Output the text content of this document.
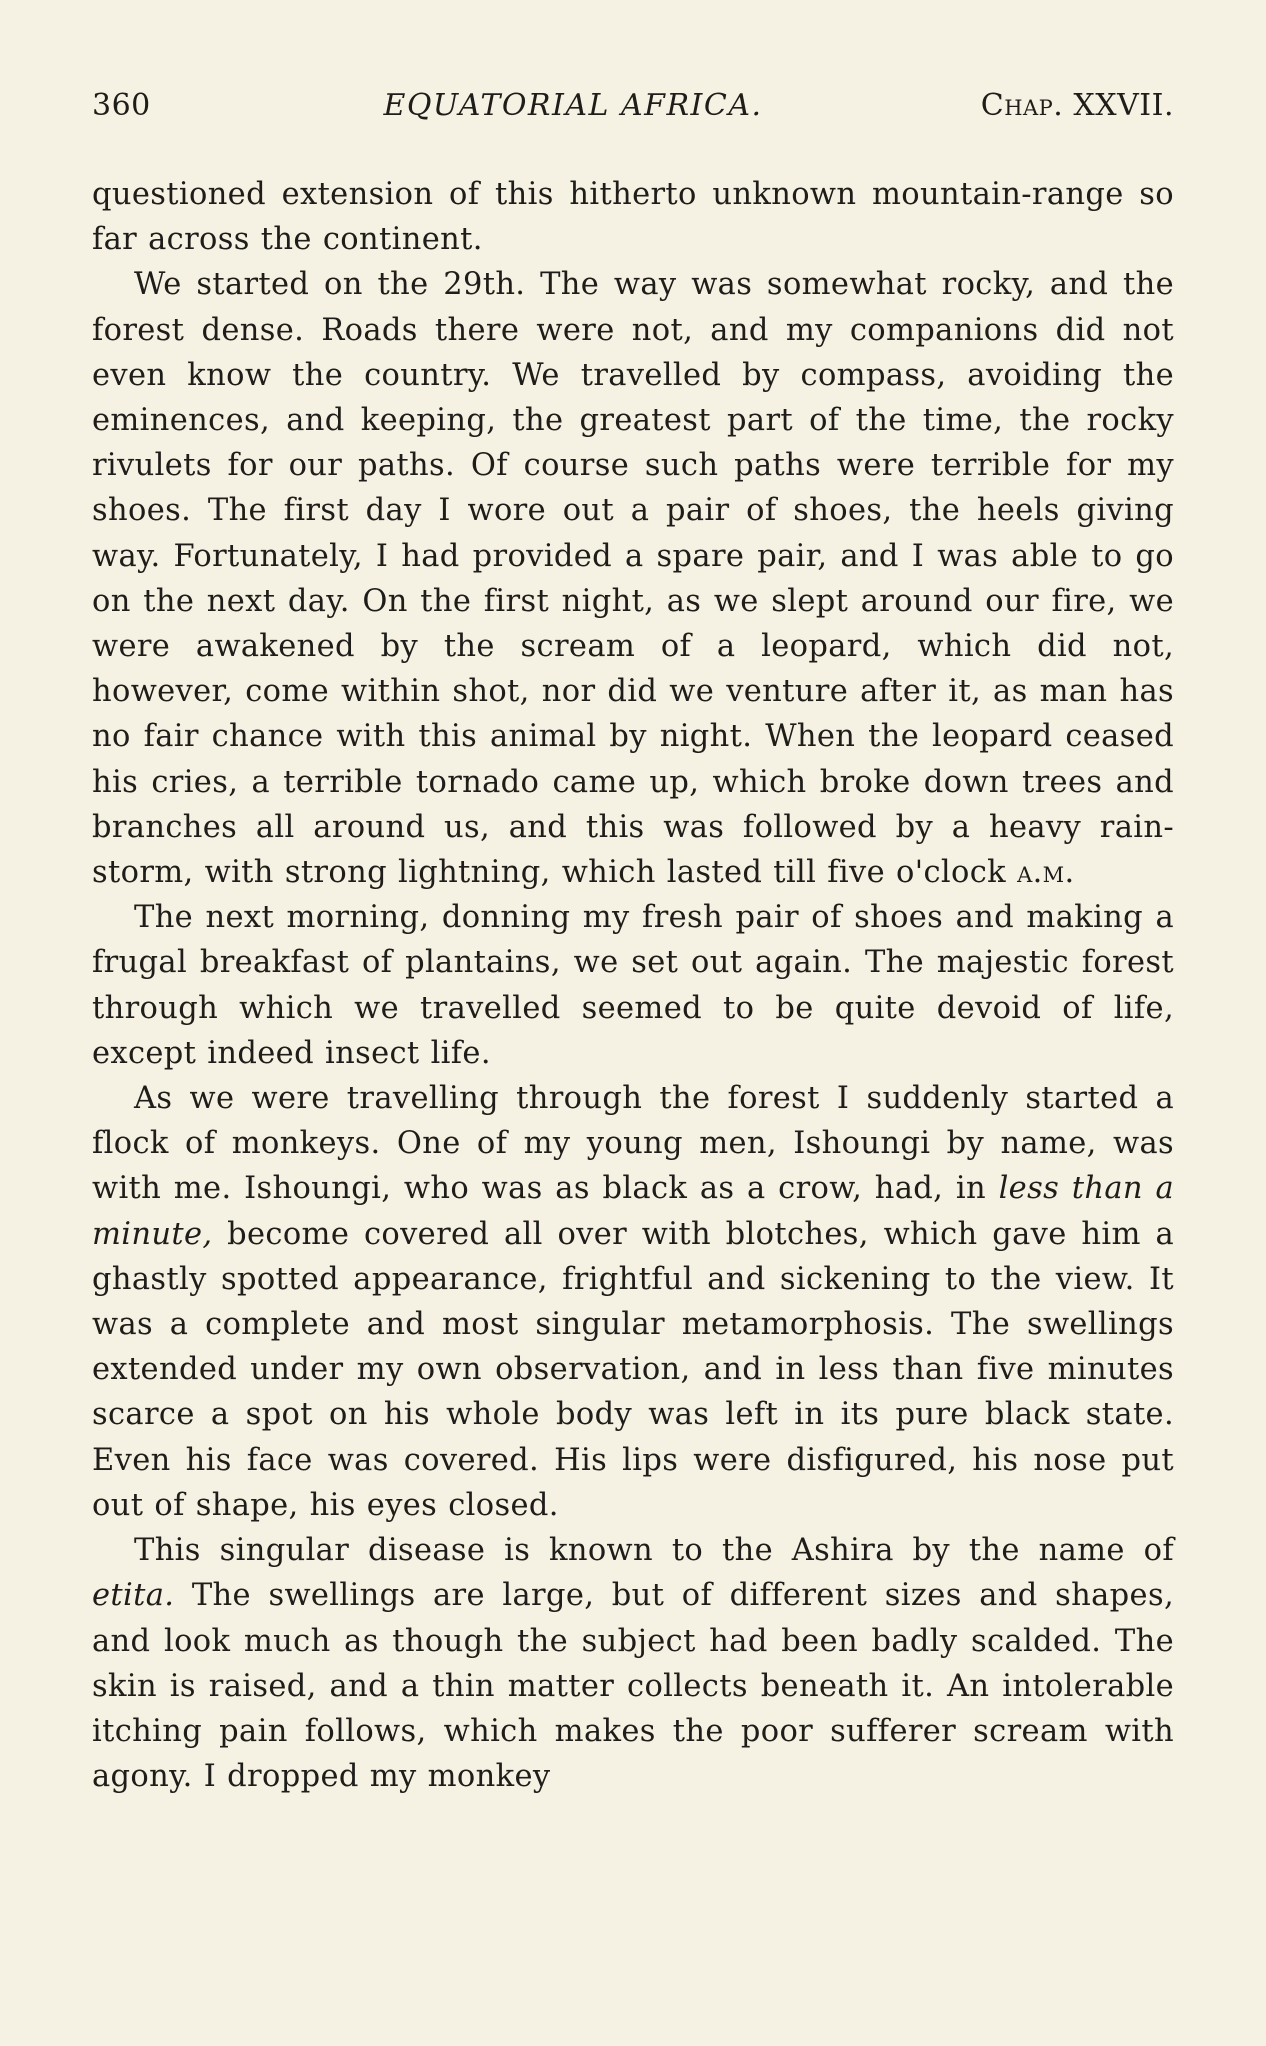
360	EQUATORIAL AFRICA.	Chap. XXVII.

questioned extension of this hitherto unknown mountain-range so far across the continent.

We started on the 29th. The way was somewhat rocky, and the forest dense. Roads there were not, and my companions did not even know the country. We travelled by compass, avoiding the eminences, and keeping, the greatest part of the time, the rocky rivulets for our paths. Of course such paths were terrible for my shoes. The first day I wore out a pair of shoes, the heels giving way. Fortunately, I had provided a spare pair, and I was able to go on the next day. On the first night, as we slept around our fire, we were awakened by the scream of a leopard, which did not, however, come within shot, nor did we venture after it, as man has no fair chance with this animal by night. When the leopard ceased his cries, a terrible tornado came up, which broke down trees and branches all around us, and this was followed by a heavy rain-storm, with strong lightning, which lasted till five o'clock a.m.

The next morning, donning my fresh pair of shoes and making a frugal breakfast of plantains, we set out again. The majestic forest through which we travelled seemed to be quite devoid of life, except indeed insect life.

As we were travelling through the forest I suddenly started a flock of monkeys. One of my young men, Ishoungi by name, was with me. Ishoungi, who was as black as a crow, had, in less than a minute, become covered all over with blotches, which gave him a ghastly spotted appearance, frightful and sickening to the view. It was a complete and most singular metamorphosis. The swellings extended under my own observation, and in less than five minutes scarce a spot on his whole body was left in its pure black state. Even his face was covered. His lips were disfigured, his nose put out of shape, his eyes closed.

This singular disease is known to the Ashira by the name of etita. The swellings are large, but of different sizes and shapes, and look much as though the subject had been badly scalded. The skin is raised, and a thin matter collects beneath it. An intolerable itching pain follows, which makes the poor sufferer scream with agony. I dropped my monkey
